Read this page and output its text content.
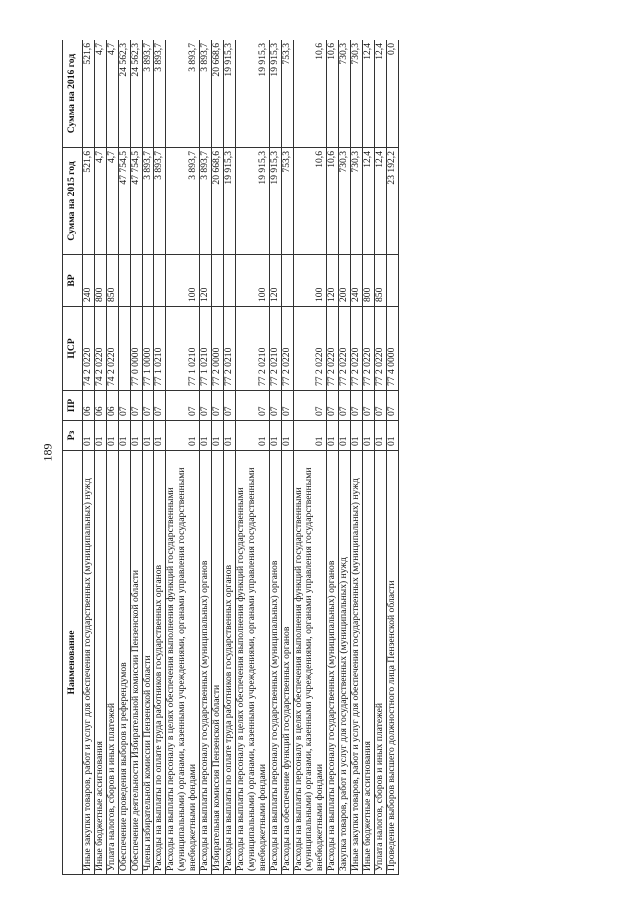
189
Наименование	Рз	ПР	ЦСР	ВР	Сумма на 2015 год	Сумма на 2016 год
Иные закупки товаров, работ и услуг для обеспечения государственных (муниципальных) нужд	01	06	74 2 0220	240	521,6	521,6
Иные бюджетные ассигнования	01	06	74 2 0220	800	4,7	4,7
Уплата налогов, сборов и иных платежей	01	06	74 2 0220	850	4,7	4,7
Обеспечение проведения выборов и референдумов	01	07			47 754,5	24 562,3
Обеспечение деятельности Избирательной комиссии Пензенской области	01	07	77 0 0000		47 754,5	24 562,3
Члены избирательной комиссии Пензенской области	01	07	77 1 0000		3 893,7	3 893,7
Расходы на выплаты по оплате труда работников государственных органов	01	07	77 1 0210		3 893,7	3 893,7
Расходы на выплаты персоналу в целях обеспечения выполнения функций государственными (муниципальными) органами, казенными учреждениями, органами управления государственными внебюджетными фондами	01	07	77 1 0210	100	3 893,7	3 893,7
Расходы на выплаты персоналу государственных (муниципальных) органов	01	07	77 1 0210	120	3 893,7	3 893,7
Избирательная комиссия Пензенской области	01	07	77 2 0000		20 668,6	20 668,6
Расходы на выплаты по оплате труда работников государственных органов	01	07	77 2 0210		19 915,3	19 915,3
Расходы на выплаты персоналу в целях обеспечения выполнения функций государственными (муниципальными) органами, казенными учреждениями, органами управления государственными внебюджетными фондами	01	07	77 2 0210	100	19 915,3	19 915,3
Расходы на выплаты персоналу государственных (муниципальных) органов	01	07	77 2 0210	120	19 915,3	19 915,3
Расходы на обеспечение функций государственных органов	01	07	77 2 0220		753,3	753,3
Расходы на выплаты персоналу в целях обеспечения выполнения функций государственными (муниципальными) органами, казенными учреждениями, органами управления государственными внебюджетными фондами	01	07	77 2 0220	100	10,6	10,6
Расходы на выплаты персоналу государственных (муниципальных) органов	01	07	77 2 0220	120	10,6	10,6
Закупка товаров, работ и услуг для государственных (муниципальных) нужд	01	07	77 2 0220	200	730,3	730,3
Иные закупки товаров, работ и услуг для обеспечения государственных (муниципальных) нужд	01	07	77 2 0220	240	730,3	730,3
Иные бюджетные ассигнования	01	07	77 2 0220	800	12,4	12,4
Уплата налогов, сборов и иных платежей	01	07	77 2 0220	850	12,4	12,4
Проведение выборов высшего должностного лица Пензенской области	01	07	77 4 0000		23 192,2	0,0
